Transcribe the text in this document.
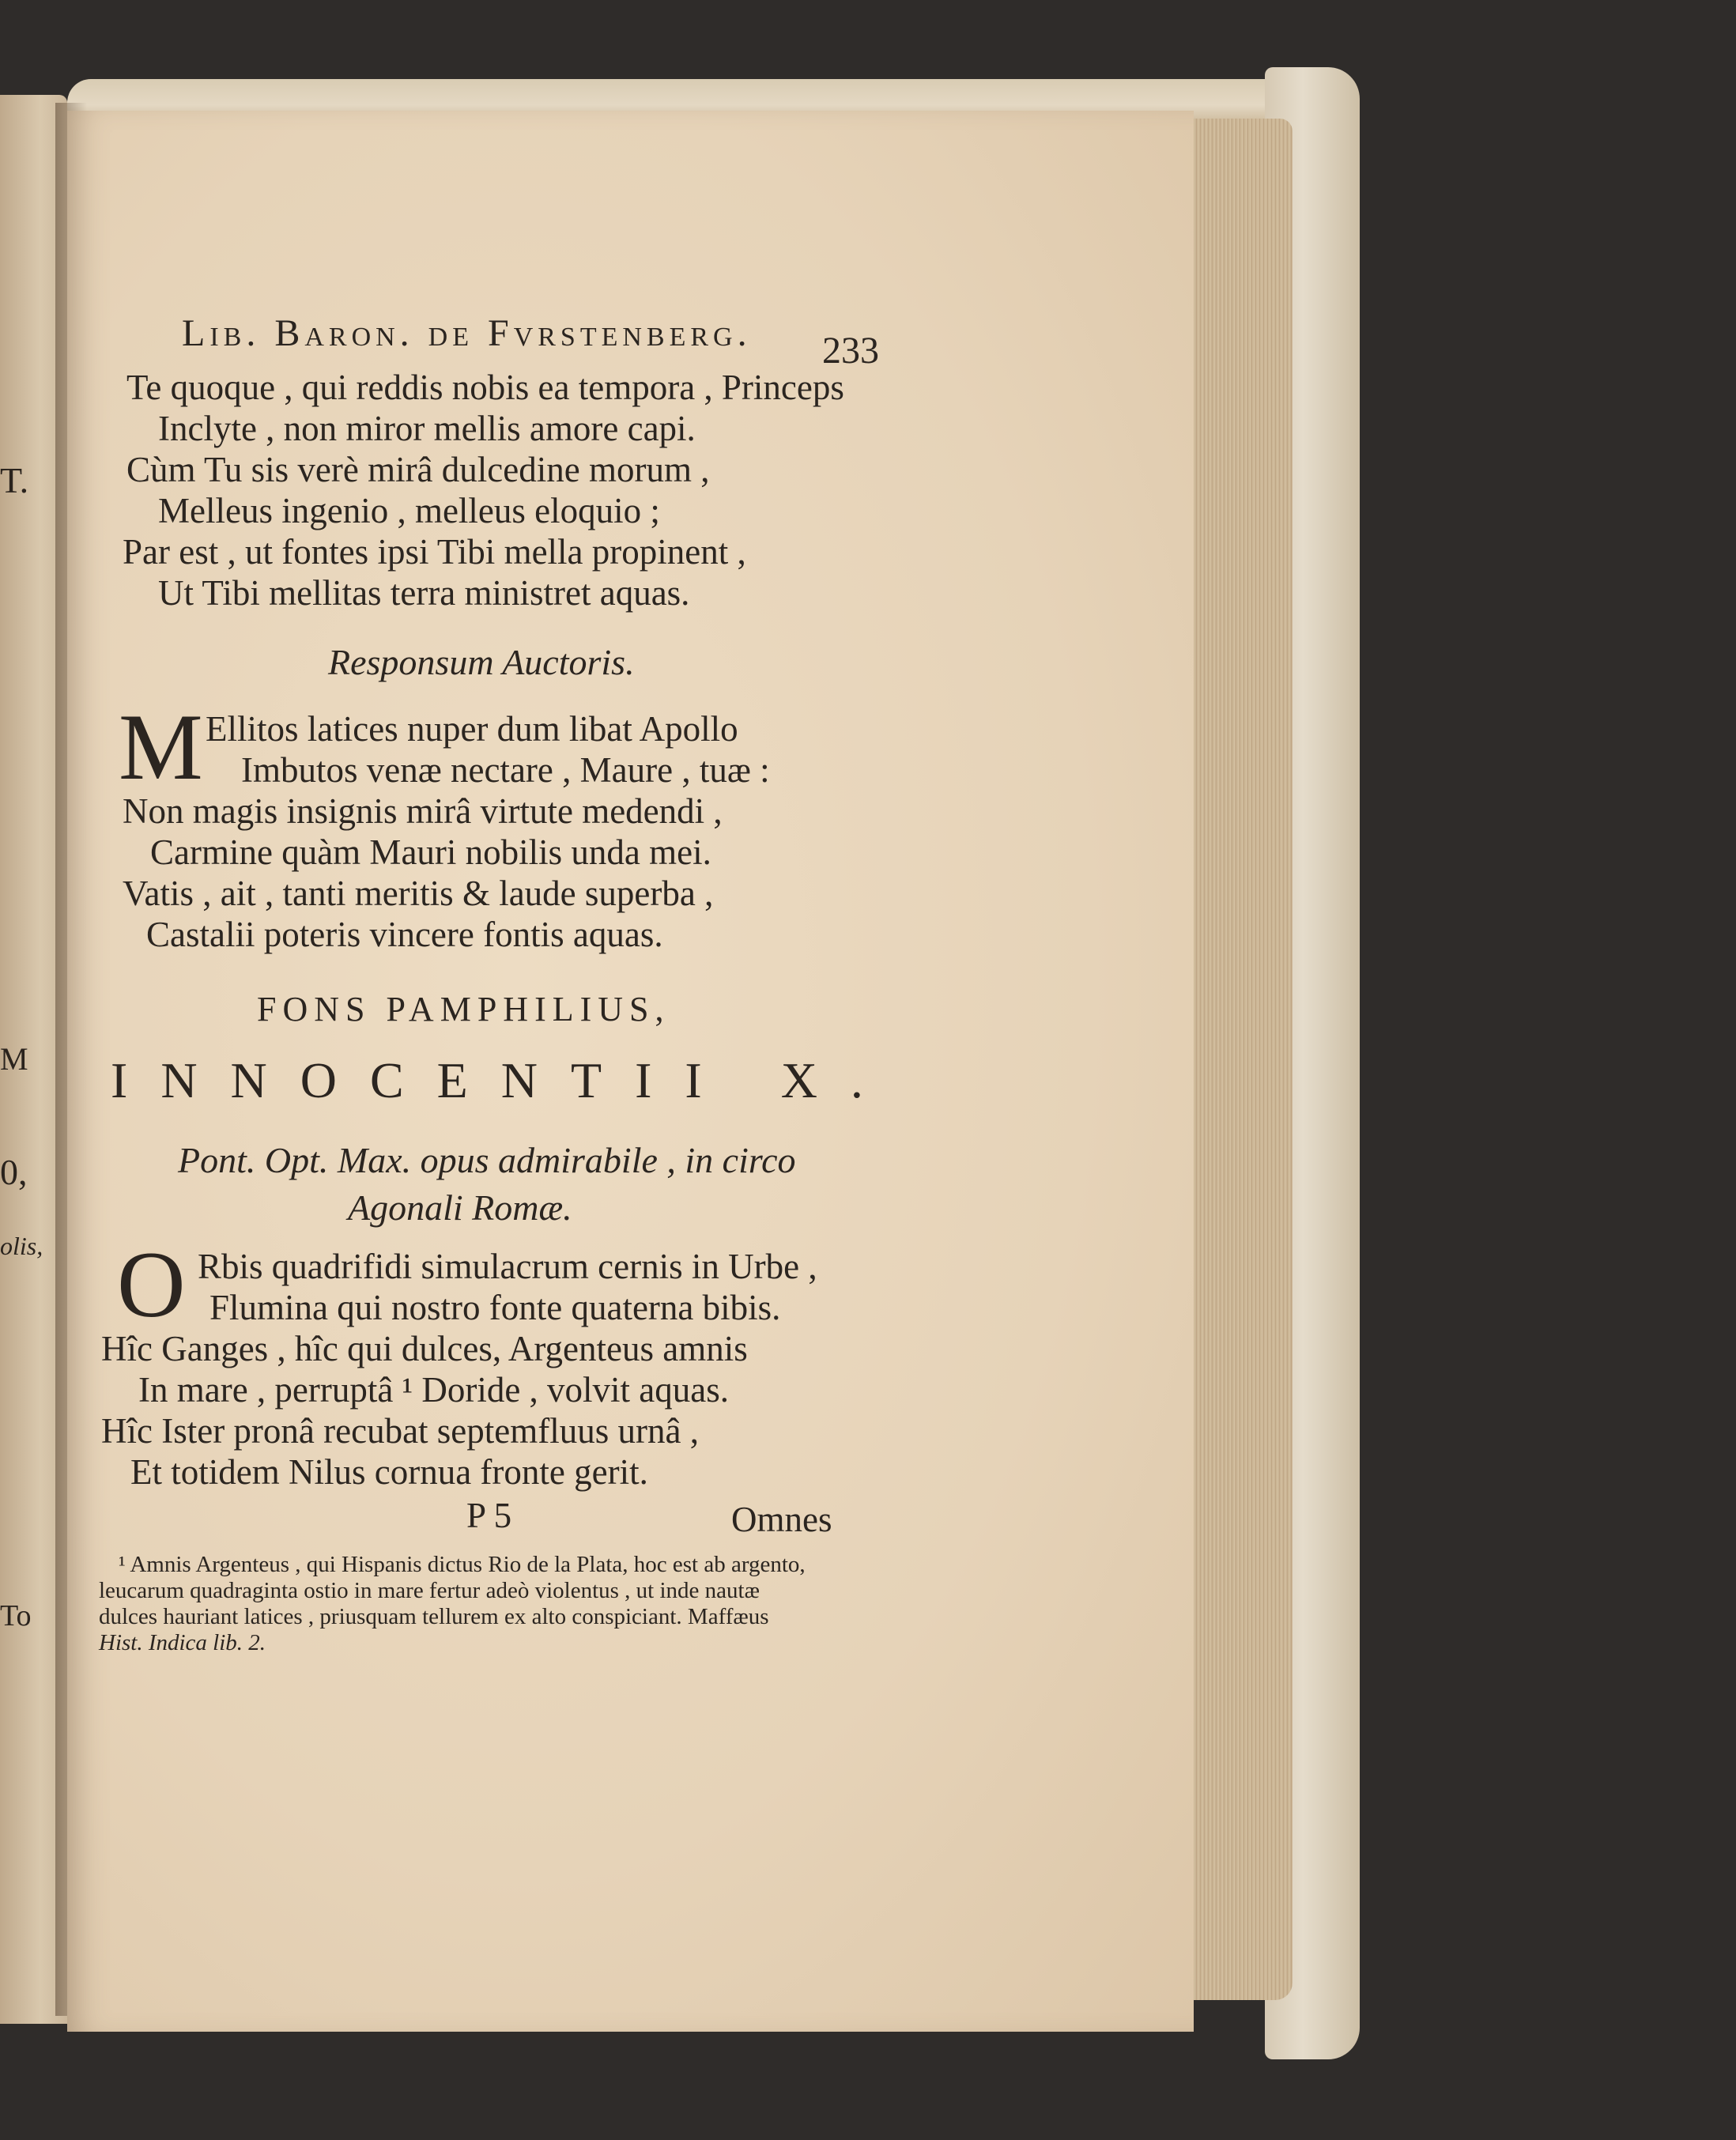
T.
M
0,
olis,
To
Lib. Baron. de Fvrstenberg. 233
Te quoque , qui reddis nobis ea tempora , Princeps
Inclyte , non miror mellis amore capi.
Cùm Tu sis verè mirâ dulcedine morum ,
Melleus ingenio , melleus eloquio ;
Par est , ut fontes ipsi Tibi mella propinent ,
Ut Tibi mellitas terra ministret aquas.
Responsum Auctoris.
M Ellitos latices nuper dum libat Apollo
Imbutos venæ nectare , Maure , tuæ :
Non magis insignis mirâ virtute medendi ,
Carmine quàm Mauri nobilis unda mei.
Vatis , ait , tanti meritis & laude superba ,
Castalii poteris vincere fontis aquas.
FONS PAMPHILIUS,
INNOCENTII X.
Pont. Opt. Max. opus admirabile , in circo
Agonali Romæ.
O Rbis quadrifidi simulacrum cernis in Urbe ,
Flumina qui nostro fonte quaterna bibis.
Hîc Ganges , hîc qui dulces, Argenteus amnis
In mare , perruptâ ¹ Doride , volvit aquas.
Hîc Ister pronâ recubat septemfluus urnâ ,
Et totidem Nilus cornua fronte gerit.
P 5	Omnes
¹ Amnis Argenteus , qui Hispanis dictus Rio de la Plata, hoc est ab argento,
leucarum quadraginta ostio in mare fertur adeò violentus , ut inde nautæ
dulces hauriant latices , priusquam tellurem ex alto conspiciant. Maffæus
Hist. Indica lib. 2.
